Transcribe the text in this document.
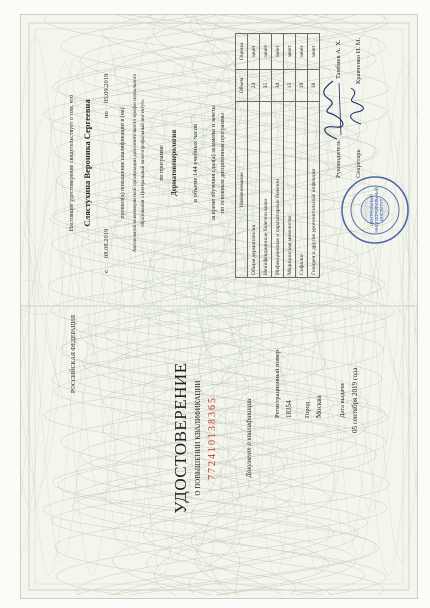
РОССИЙСКАЯ ФЕДЕРАЦИЯ
УДОСТОВЕРЕНИЕ О ПОВЫШЕНИИ КВАЛИФИКАЦИИ 772410138365	Документ о квалификации
Регистрационный номер 18354 Город Москва Дата выдачи 05 сентября 2019 года
Настоящее удостоверение свидетельствует о том, что Слястухина Вероника Сергеевна
с
08.08.2019
по
05.09.2019
прошел(а) повышение квалификации в (на) Автономной некоммерческой организации дополнительного профессионального образования «Центральный многопрофильный институт» по программе Дерматовенерология в объеме 144 учебных часов за время обучения сдал(а) экзамены и зачеты по основным дисциплинам программы Наименование	Объем	Оценка
Общая дерматология	24	зачет
Неинфекционные болезни кожи	35	зачет
Инфекционные и паразитарные болезни	34	зачет
Медицинская микология	15	зачет
Сифилис	18	зачет
Гонорея и другие урогенитальные инфекции	18	зачет
Руководитель
Тамбиев А. Х.
Секретарь
Кравченко И. М.
ЦЕНТРАЛЬНЫЙ МНОГОПРОФИЛЬНЫЙ ИНСТИТУТ
